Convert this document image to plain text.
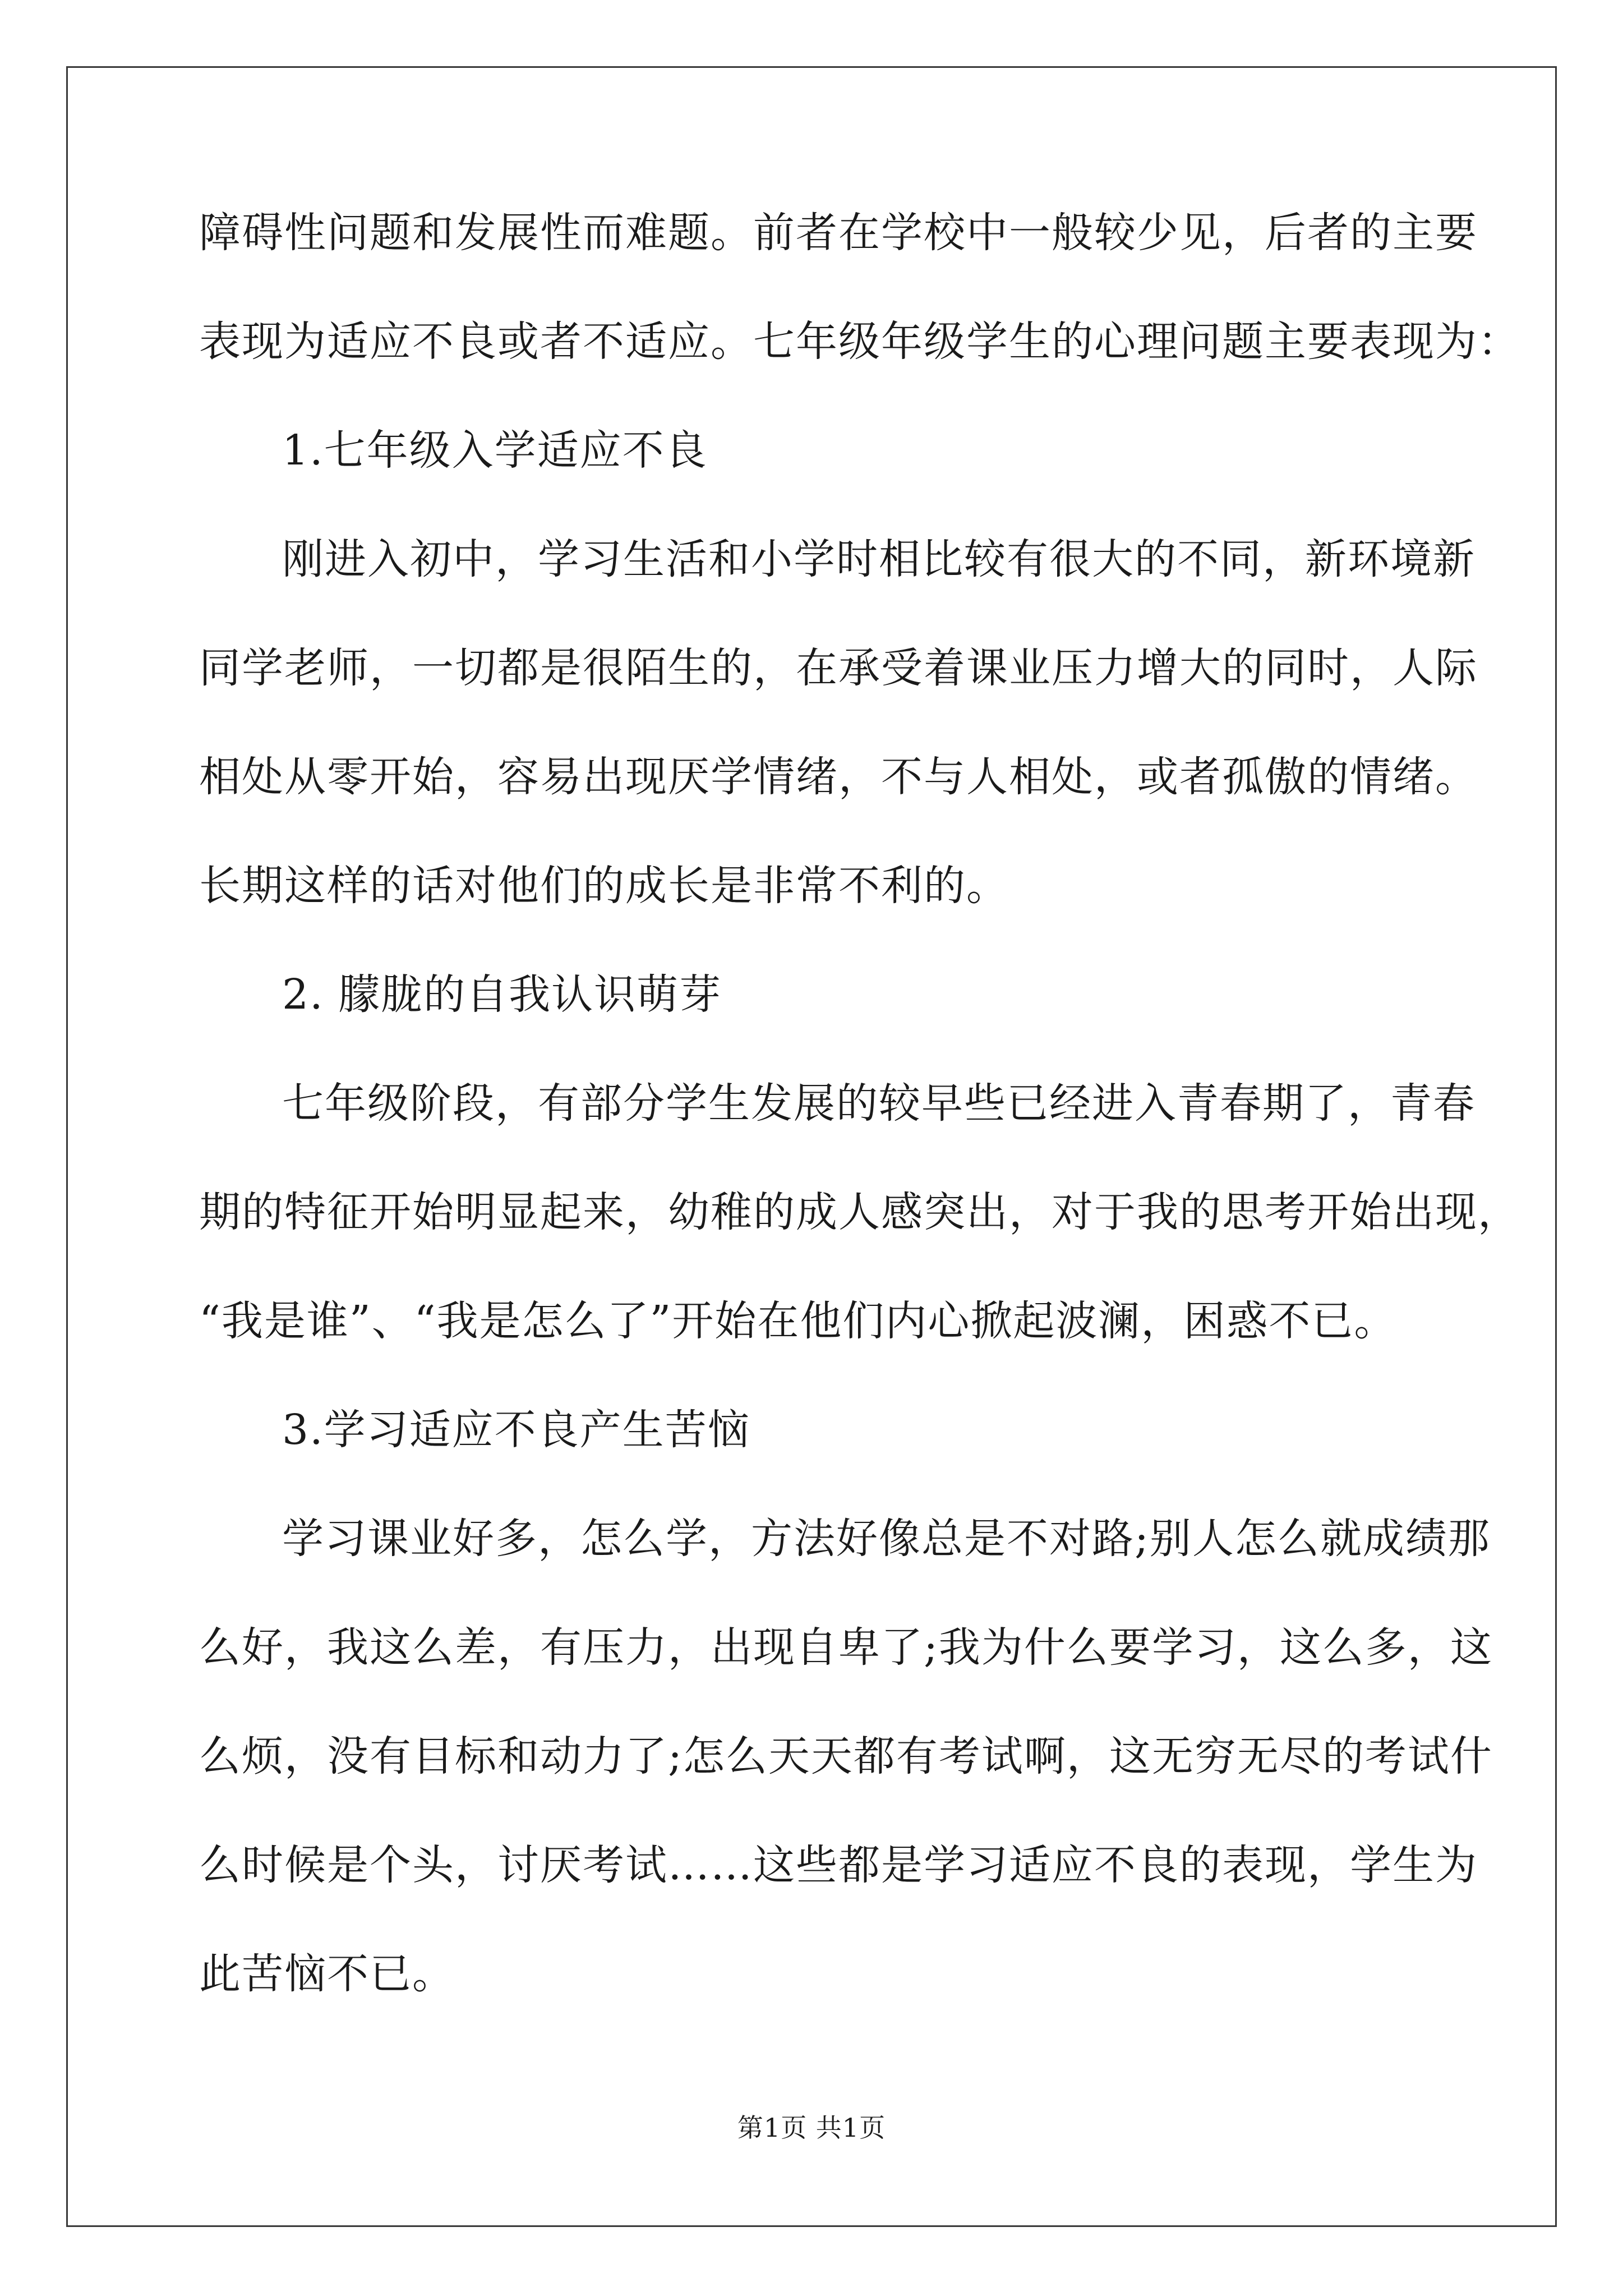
障碍性问题和发展性而难题。前者在学校中一般较少见，后者的主要
表现为适应不良或者不适应。七年级年级学生的心理问题主要表现为：
1.七年级入学适应不良
刚进入初中，学习生活和小学时相比较有很大的不同，新环境新
同学老师，一切都是很陌生的，在承受着课业压力增大的同时，人际
相处从零开始，容易出现厌学情绪，不与人相处，或者孤傲的情绪。
长期这样的话对他们的成长是非常不利的。
2. 朦胧的自我认识萌芽
七年级阶段，有部分学生发展的较早些已经进入青春期了，青春
期的特征开始明显起来，幼稚的成人感突出，对于我的思考开始出现，
“我是谁”、“我是怎么了”开始在他们内心掀起波澜，困惑不已。
3.学习适应不良产生苦恼
学习课业好多，怎么学，方法好像总是不对路;别人怎么就成绩那
么好，我这么差，有压力，出现自卑了;我为什么要学习，这么多，这
么烦，没有目标和动力了;怎么天天都有考试啊，这无穷无尽的考试什
么时候是个头，讨厌考试……这些都是学习适应不良的表现，学生为
此苦恼不已。
第1页 共1页
